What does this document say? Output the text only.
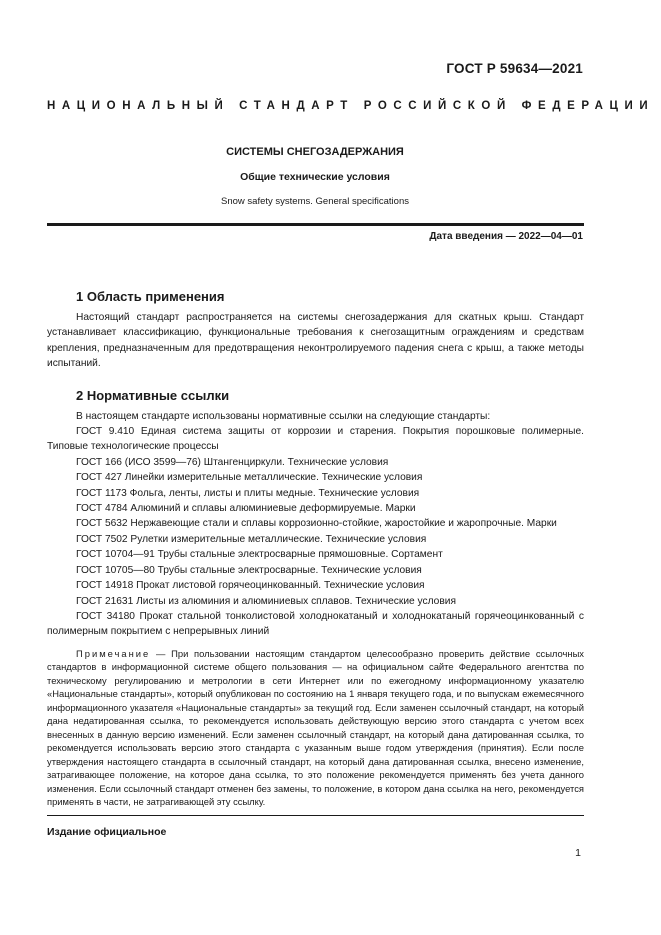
ГОСТ Р 59634—2021
НАЦИОНАЛЬНЫЙ СТАНДАРТ РОССИЙСКОЙ ФЕДЕРАЦИИ
СИСТЕМЫ СНЕГОЗАДЕРЖАНИЯ
Общие технические условия
Snow safety systems. General specifications
Дата введения — 2022—04—01
1 Область применения

Настоящий стандарт распространяется на системы снегозадержания для скатных крыш. Стандарт устанавливает классификацию, функциональные требования к снегозащитным ограждениям и средствам крепления, предназначенным для предотвращения неконтролируемого падения снега с крыш, а также методы испытаний.

2 Нормативные ссылки

В настоящем стандарте использованы нормативные ссылки на следующие стандарты:

ГОСТ 9.410 Единая система защиты от коррозии и старения. Покрытия порошковые полимерные. Типовые технологические процессы

ГОСТ 166 (ИСО 3599—76) Штангенциркули. Технические условия

ГОСТ 427 Линейки измерительные металлические. Технические условия

ГОСТ 1173 Фольга, ленты, листы и плиты медные. Технические условия

ГОСТ 4784 Алюминий и сплавы алюминиевые деформируемые. Марки

ГОСТ 5632 Нержавеющие стали и сплавы коррозионно-стойкие, жаростойкие и жаропрочные. Марки

ГОСТ 7502 Рулетки измерительные металлические. Технические условия

ГОСТ 10704—91 Трубы стальные электросварные прямошовные. Сортамент

ГОСТ 10705—80 Трубы стальные электросварные. Технические условия

ГОСТ 14918 Прокат листовой горячеоцинкованный. Технические условия

ГОСТ 21631 Листы из алюминия и алюминиевых сплавов. Технические условия

ГОСТ 34180 Прокат стальной тонколистовой холоднокатаный и холоднокатаный горячеоцинкованный с полимерным покрытием с непрерывных линий

Примечание — При пользовании настоящим стандартом целесообразно проверить действие ссылочных стандартов в информационной системе общего пользования — на официальном сайте Федерального агентства по техническому регулированию и метрологии в сети Интернет или по ежегодному информационному указателю «Национальные стандарты», который опубликован по состоянию на 1 января текущего года, и по выпускам ежемесячного информационного указателя «Национальные стандарты» за текущий год. Если заменен ссылочный стандарт, на который дана недатированная ссылка, то рекомендуется использовать действующую версию этого стандарта с учетом всех внесенных в данную версию изменений. Если заменен ссылочный стандарт, на который дана датированная ссылка, то рекомендуется использовать версию этого стандарта с указанным выше годом утверждения (принятия). Если после утверждения настоящего стандарта в ссылочный стандарт, на который дана датированная ссылка, внесено изменение, затрагивающее положение, на которое дана ссылка, то это положение рекомендуется применять без учета данного изменения. Если ссылочный стандарт отменен без замены, то положение, в котором дана ссылка на него, рекомендуется применять в части, не затрагивающей эту ссылку.

Издание официальное
1
